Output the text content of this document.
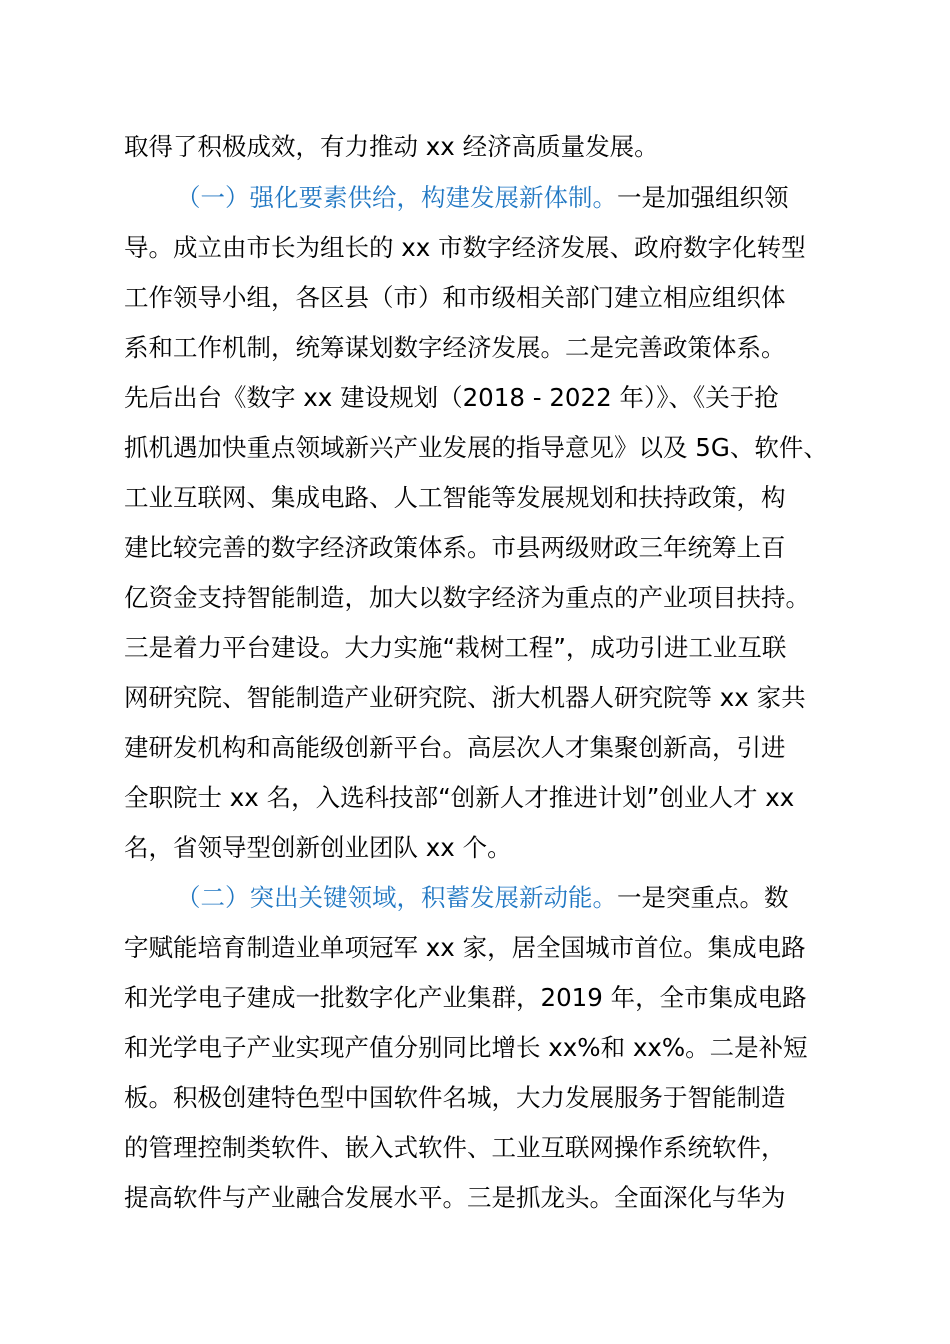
取得了积极成效，有力推动 xx 经济高质量发展。
（一）强化要素供给，构建发展新体制。一是加强组织领
导。成立由市长为组长的 xx 市数字经济发展、政府数字化转型
工作领导小组，各区县（市）和市级相关部门建立相应组织体
系和工作机制，统筹谋划数字经济发展。二是完善政策体系。
先后出台《数字 xx 建设规划（2018 - 2022 年）》、《关于抢
抓机遇加快重点领域新兴产业发展的指导意见》以及 5G、软件、
工业互联网、集成电路、人工智能等发展规划和扶持政策，构
建比较完善的数字经济政策体系。市县两级财政三年统筹上百
亿资金支持智能制造，加大以数字经济为重点的产业项目扶持。
三是着力平台建设。大力实施“栽树工程”，成功引进工业互联
网研究院、智能制造产业研究院、浙大机器人研究院等 xx 家共
建研发机构和高能级创新平台。高层次人才集聚创新高，引进
全职院士 xx 名，入选科技部“创新人才推进计划”创业人才 xx
名，省领导型创新创业团队 xx 个。
（二）突出关键领域，积蓄发展新动能。一是突重点。数
字赋能培育制造业单项冠军 xx 家，居全国城市首位。集成电路
和光学电子建成一批数字化产业集群，2019 年，全市集成电路
和光学电子产业实现产值分别同比增长 xx%和 xx%。二是补短
板。积极创建特色型中国软件名城，大力发展服务于智能制造
的管理控制类软件、嵌入式软件、工业互联网操作系统软件，
提高软件与产业融合发展水平。三是抓龙头。全面深化与华为
